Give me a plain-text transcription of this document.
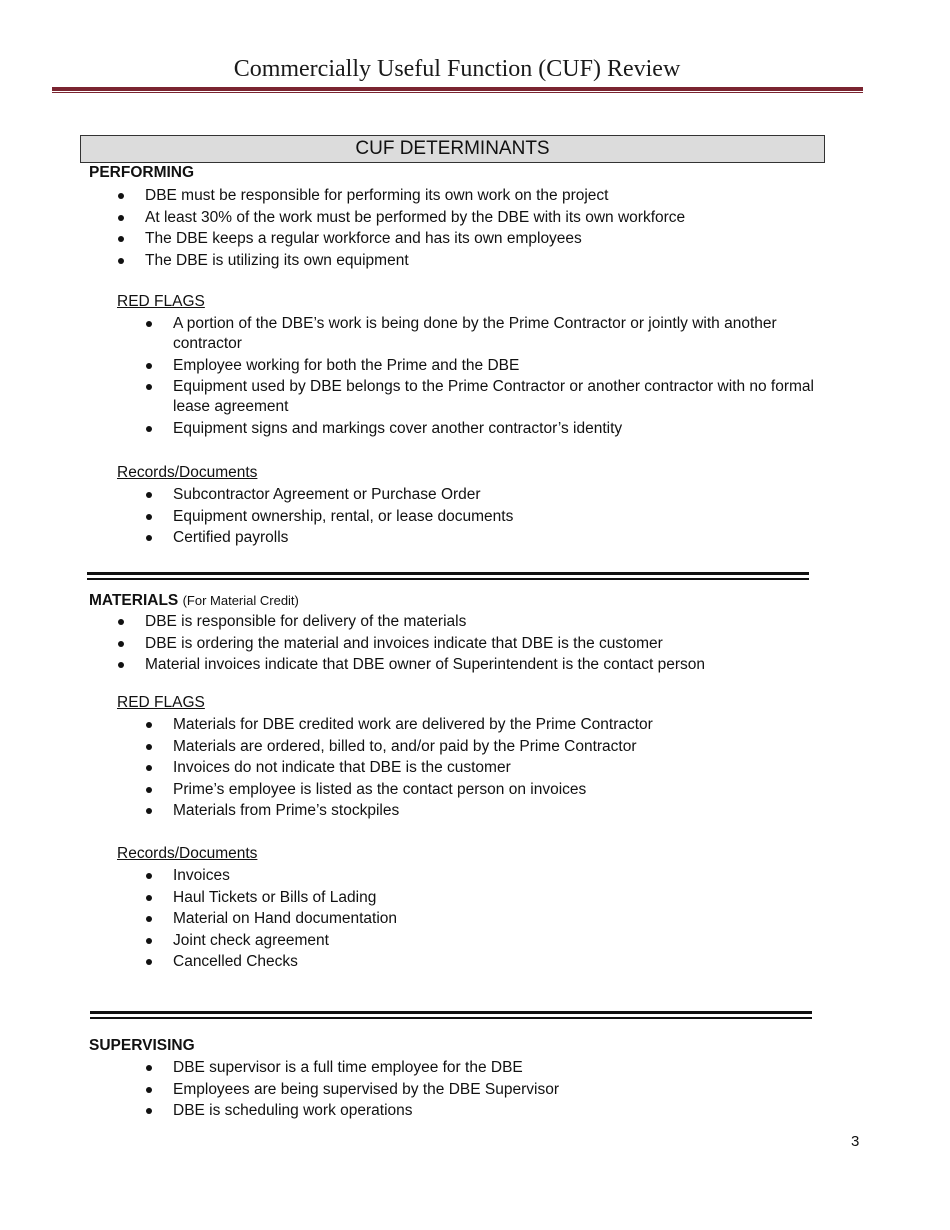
Commercially Useful Function (CUF) Review
CUF DETERMINANTS
PERFORMING
DBE must be responsible for performing its own work on the project
At least 30% of the work must be performed by the DBE with its own workforce
The DBE keeps a regular workforce and has its own employees
The DBE is utilizing its own equipment
RED FLAGS
A portion of the DBE’s work is being done by the Prime Contractor or jointly with another contractor
Employee working for both the Prime and the DBE
Equipment used by DBE belongs to the Prime Contractor or another contractor with no formal lease agreement
Equipment signs and markings cover another contractor’s identity
Records/Documents
Subcontractor Agreement or Purchase Order
Equipment ownership, rental, or lease documents
Certified payrolls
MATERIALS (For Material Credit)
DBE is responsible for delivery of the materials
DBE is ordering the material and invoices indicate that DBE is the customer
Material invoices indicate that DBE owner of Superintendent is the contact person
RED FLAGS
Materials for DBE credited work are delivered by the Prime Contractor
Materials are ordered, billed to, and/or paid by the Prime Contractor
Invoices do not indicate that DBE is the customer
Prime’s employee is listed as the contact person on invoices
Materials from Prime’s stockpiles
Records/Documents
Invoices
Haul Tickets or Bills of Lading
Material on Hand documentation
Joint check agreement
Cancelled Checks
SUPERVISING
DBE supervisor is a full time employee for the DBE
Employees are being supervised by the DBE Supervisor
DBE is scheduling work operations
3
